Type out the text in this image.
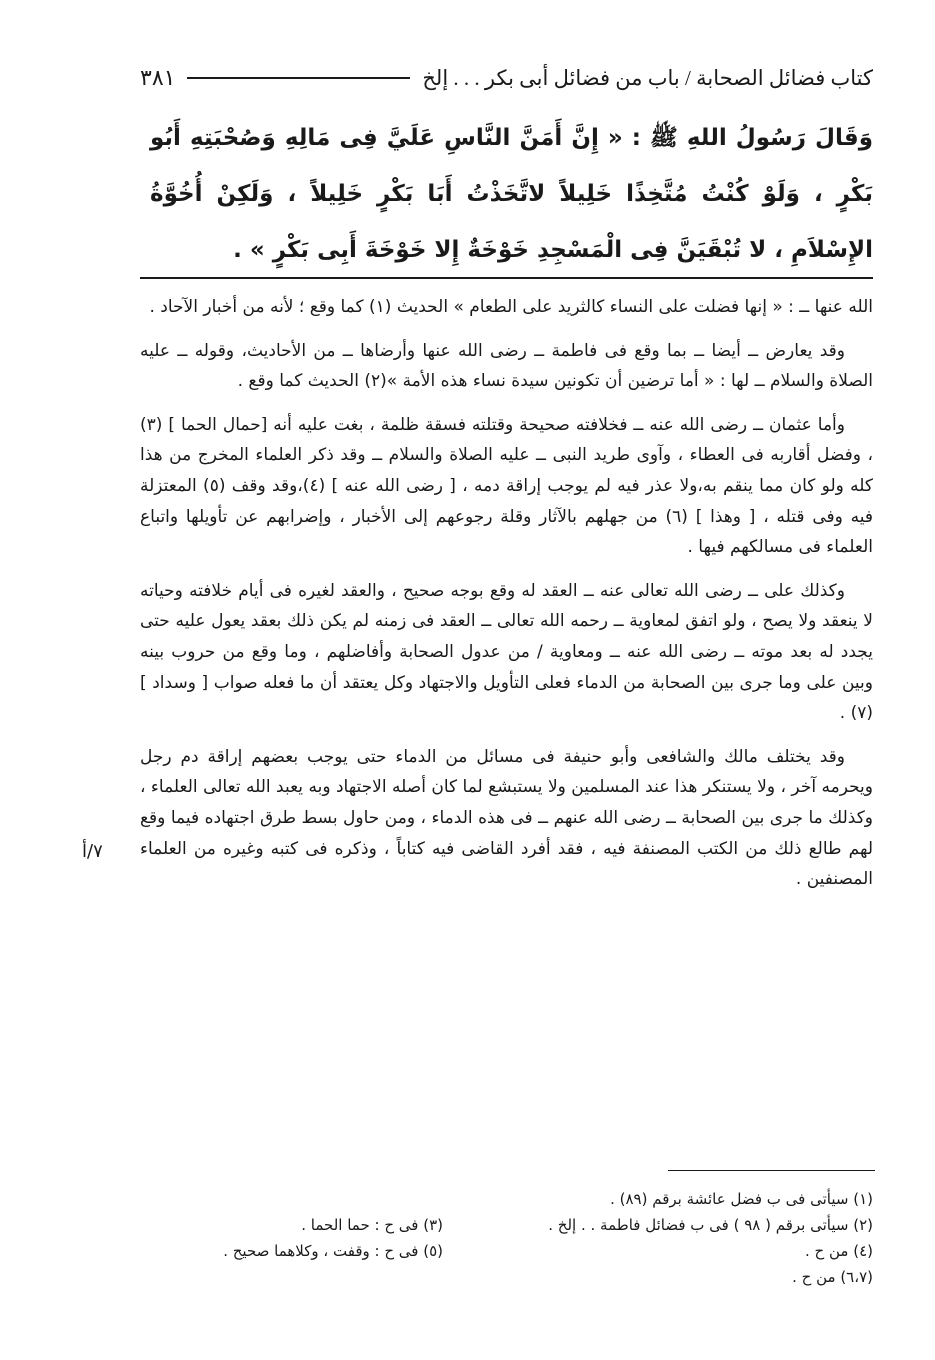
كتاب فضائل الصحابة / باب من فضائل أبى بكر . . . إلخ
٣٨١
وَقَالَ رَسُولُ اللهِ ﷺ : « إِنَّ أَمَنَّ النَّاسِ عَلَيَّ فِى مَالِهِ وَصُحْبَتِهِ أَبُو بَكْرٍ ، وَلَوْ كُنْتُ مُتَّخِذًا خَلِيلاً لاتَّخَذْتُ أَبَا بَكْرٍ خَلِيلاً ، وَلَكِنْ أُخُوَّةُ الإِسْلاَمِ ، لا تُبْقَيَنَّ فِى الْمَسْجِدِ خَوْخَةٌ إِلا خَوْخَةَ أَبِى بَكْرٍ » .

الله عنها ــ : « إنها فضلت على النساء كالثريد على الطعام » الحديث (١) كما وقع ؛ لأنه من أخبار الآحاد .

وقد يعارض ــ أيضا ــ بما وقع فى فاطمة ــ رضى الله عنها وأرضاها ــ من الأحاديث، وقوله ــ عليه الصلاة والسلام ــ لها : « أما ترضين أن تكونين سيدة نساء هذه الأمة »(٢) الحديث كما وقع .

وأما عثمان ــ رضى الله عنه ــ فخلافته صحيحة وقتلته فسقة ظلمة ، بغت عليه أنه [حمال الحما ] (٣) ، وفضل أقاربه فى العطاء ، وآوى طريد النبى ــ عليه الصلاة والسلام ــ وقد ذكر العلماء المخرج من هذا كله ولو كان مما ينقم به،ولا عذر فيه لم يوجب إراقة دمه ، [ رضى الله عنه ] (٤)،وقد وقف (٥) المعتزلة فيه وفى قتله ، [ وهذا ] (٦) من جهلهم بالآثار وقلة رجوعهم إلى الأخبار ، وإضرابهم عن تأويلها واتباع العلماء فى مسالكهم فيها .

وكذلك على ــ رضى الله تعالى عنه ــ العقد له وقع بوجه صحيح ، والعقد لغيره فى أيام خلافته وحياته لا ينعقد ولا يصح ، ولو اتفق لمعاوية ــ رحمه الله تعالى ــ العقد فى زمنه لم يكن ذلك بعقد يعول عليه حتى يجدد له بعد موته ــ رضى الله عنه ــ ومعاوية / من عدول الصحابة وأفاضلهم ، وما وقع من حروب بينه وبين على وما جرى بين الصحابة من الدماء فعلى التأويل والاجتهاد وكل يعتقد أن ما فعله صواب [ وسداد ] (٧) .

وقد يختلف مالك والشافعى وأبو حنيفة فى مسائل من الدماء حتى يوجب بعضهم إراقة دم رجل ويحرمه آخر ، ولا يستنكر هذا عند المسلمين ولا يستبشع لما كان أصله الاجتهاد وبه يعبد الله تعالى العلماء ، وكذلك ما جرى بين الصحابة ــ رضى الله عنهم ــ فى هذه الدماء ، ومن حاول بسط طرق اجتهاده فيما وقع لهم طالع ذلك من الكتب المصنفة فيه ، فقد أفرد القاضى فيه كتاباً ، وذكره فى كتبه وغيره من العلماء المصنفين .

٧/أ
(١) سيأتى فى ب فضل عائشة برقم (٨٩) .
(٢) سيأتى برقم ( ٩٨ ) فى ب فضائل فاطمة . . إلخ .
(٤) من ح .
(٦،٧) من ح .
(٣) فى ح : حما الحما .
(٥) فى ح : وقفت ، وكلاهما صحيح .
